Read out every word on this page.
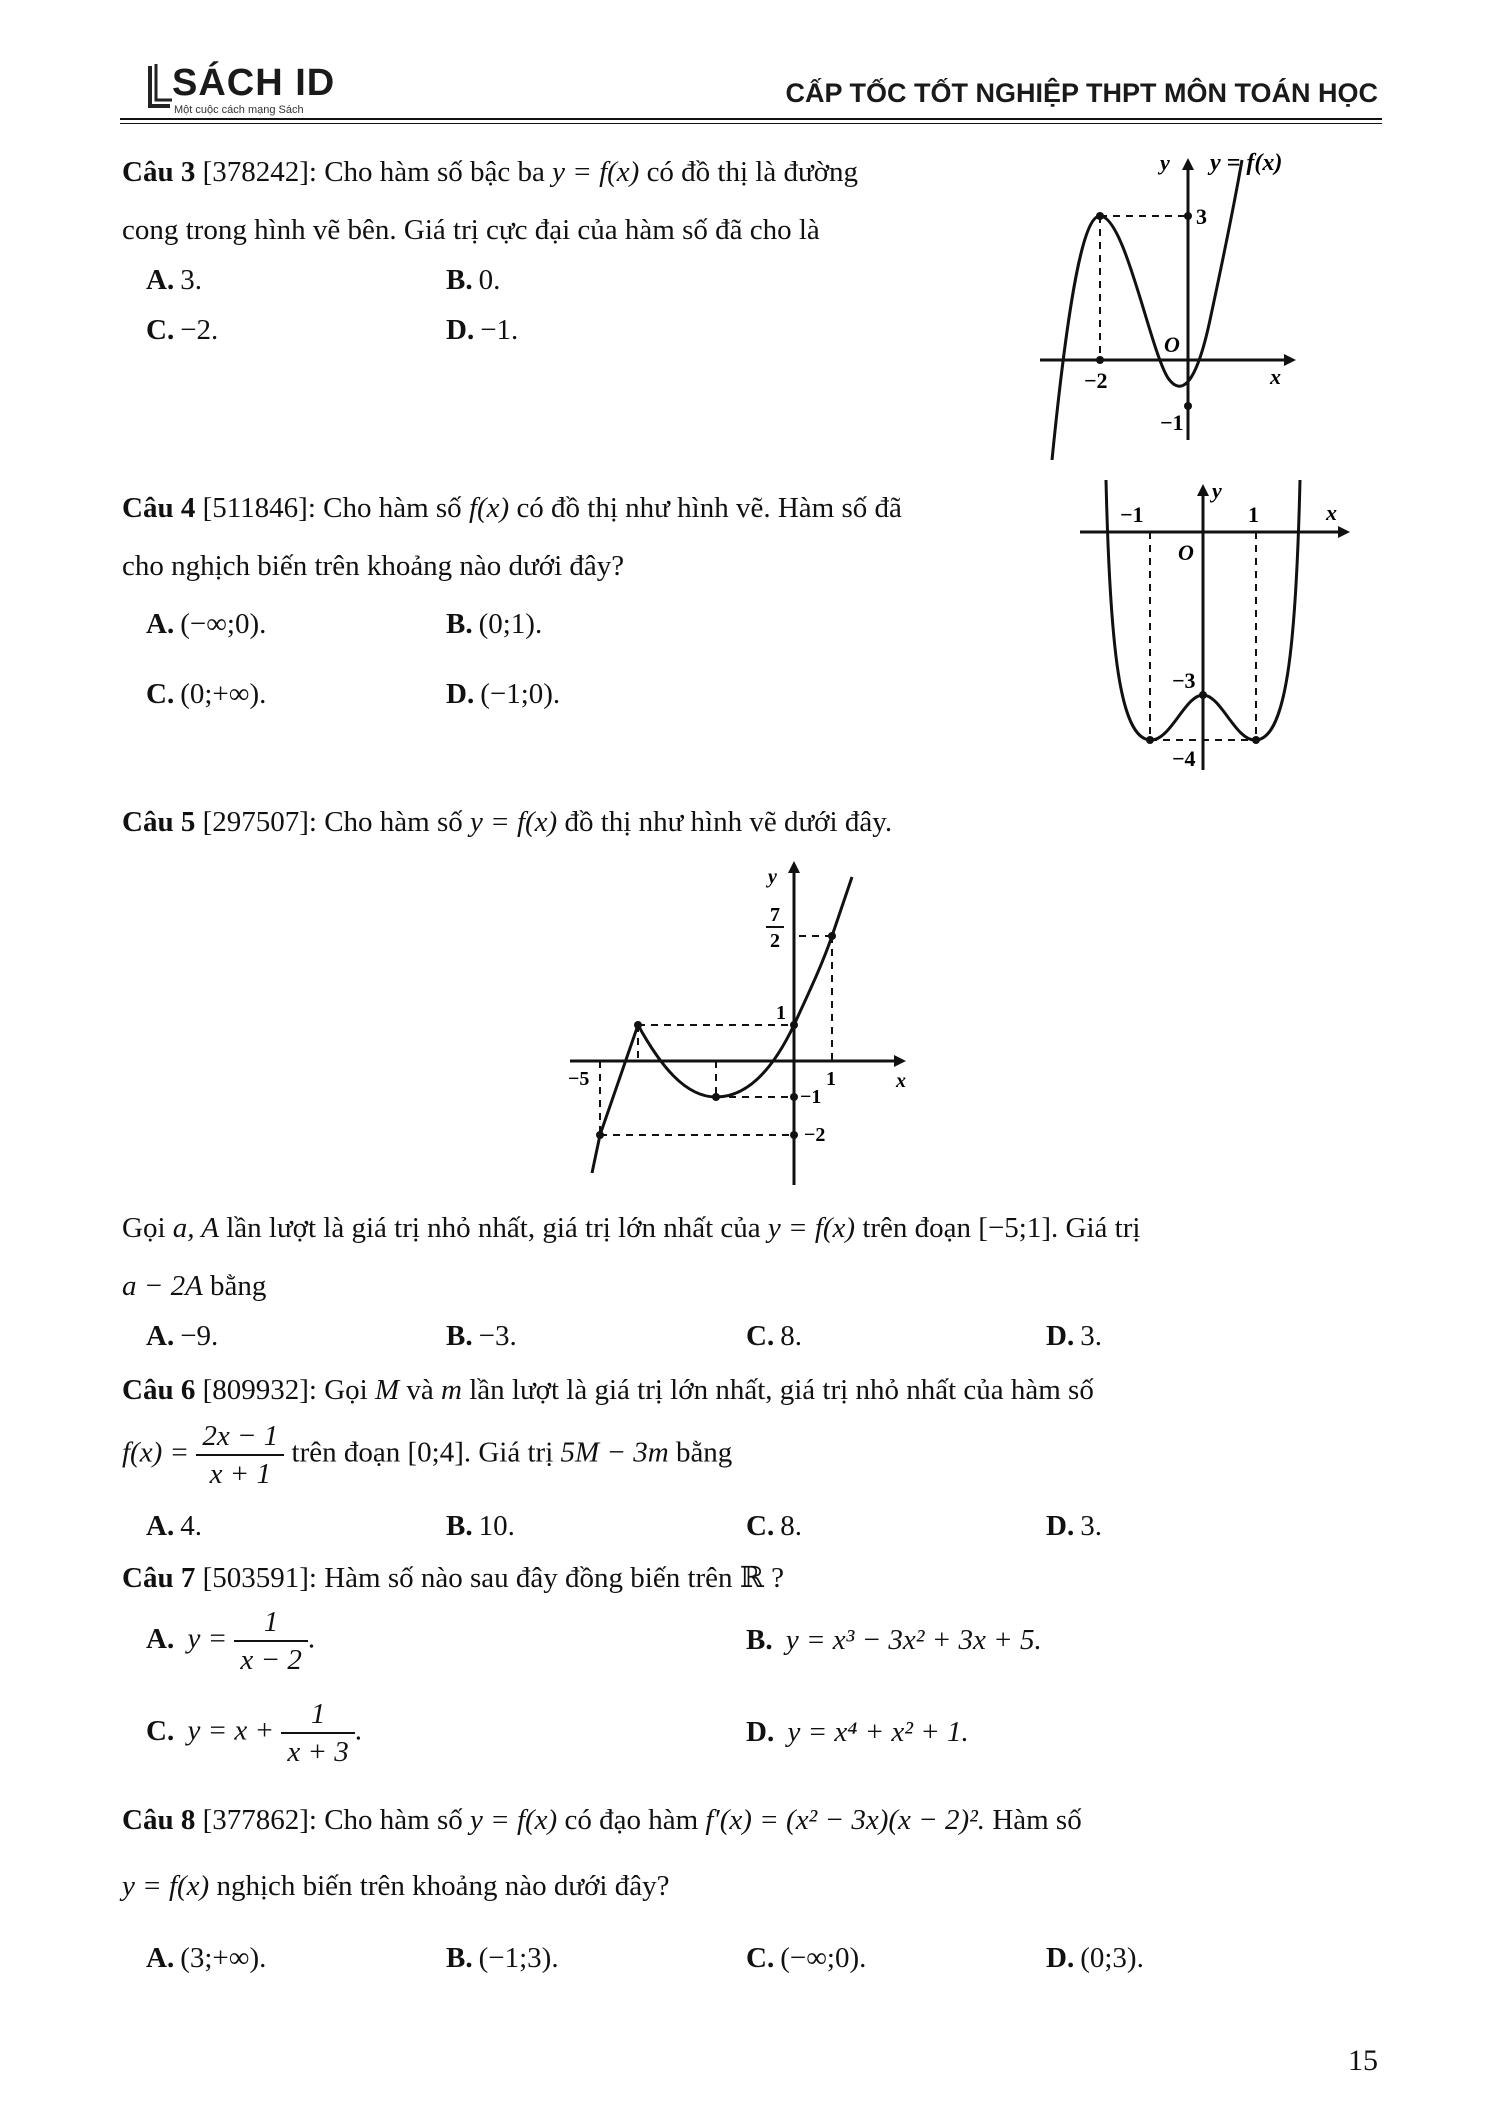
SÁCH ID
Một cuộc cách mạng Sách
CẤP TỐC TỐT NGHIỆP THPT MÔN TOÁN HỌC
Câu 3 [378242]: Cho hàm số bậc ba y = f(x) có đồ thị là đường
cong trong hình vẽ bên. Giá trị cực đại của hàm số đã cho là
A. 3.	B. 0.
C. −2.	D. −1.
y y = f(x)
x
O
−2
3
−1
Câu 4 [511846]: Cho hàm số f(x) có đồ thị như hình vẽ. Hàm số đã
cho nghịch biến trên khoảng nào dưới đây?
A. (−∞;0).	B. (0;1).
C. (0;+∞).	D. (−1;0).
y
x
O
−1	1
−3
−4
Câu 5 [297507]: Cho hàm số y = f(x) đồ thị như hình vẽ dưới đây.
y
x
7
2
−5	1
1
−1
−2
Gọi a, A lần lượt là giá trị nhỏ nhất, giá trị lớn nhất của y = f(x) trên đoạn [−5;1]. Giá trị
a − 2A bằng
A. −9.	B. −3.	C. 8.	D. 3.
Câu 6 [809932]: Gọi M và m lần lượt là giá trị lớn nhất, giá trị nhỏ nhất của hàm số
$f(x) = \frac{2x - 1}{x + 1}$ trên đoạn [0;4]. Giá trị 5M − 3m bằng
A. 4.	B. 10.	C. 8.	D. 3.
Câu 7 [503591]: Hàm số nào sau đây đồng biến trên ℝ ?
A. $y = \frac{1}{x - 2}$ .	B. y = x³ − 3x² + 3x + 5.
C. $y = x + \frac{1}{x + 3}$ .	D. y = x⁴ + x² + 1.
Câu 8 [377862]: Cho hàm số y = f(x) có đạo hàm f′(x) = (x² − 3x)(x − 2)². Hàm số
y = f(x) nghịch biến trên khoảng nào dưới đây?
A. (3;+∞).	B. (−1;3).	C. (−∞;0).	D. (0;3).
15
